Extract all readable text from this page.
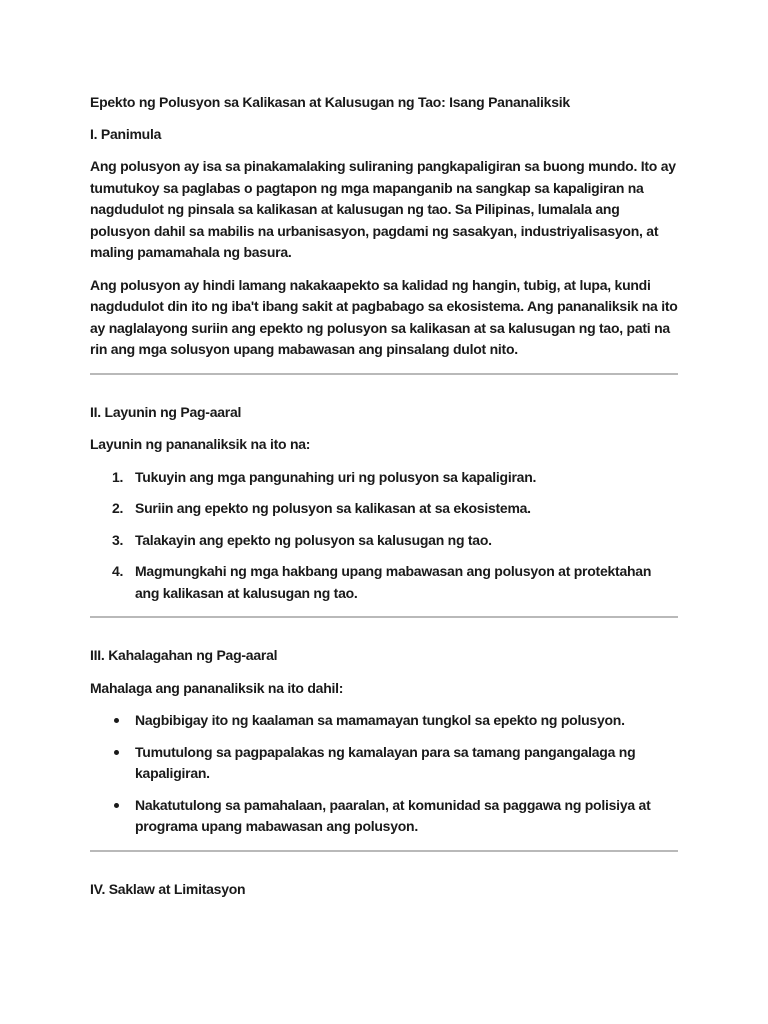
Epekto ng Polusyon sa Kalikasan at Kalusugan ng Tao: Isang Pananaliksik

I. Panimula

Ang polusyon ay isa sa pinakamalaking suliraning pangkapaligiran sa buong mundo. Ito ay tumutukoy sa paglabas o pagtapon ng mga mapanganib na sangkap sa kapaligiran na nagdudulot ng pinsala sa kalikasan at kalusugan ng tao. Sa Pilipinas, lumalala ang polusyon dahil sa mabilis na urbanisasyon, pagdami ng sasakyan, industriyalisasyon, at maling pamamahala ng basura.

Ang polusyon ay hindi lamang nakakaapekto sa kalidad ng hangin, tubig, at lupa, kundi nagdudulot din ito ng iba't ibang sakit at pagbabago sa ekosistema. Ang pananaliksik na ito ay naglalayong suriin ang epekto ng polusyon sa kalikasan at sa kalusugan ng tao, pati na rin ang mga solusyon upang mabawasan ang pinsalang dulot nito.

II. Layunin ng Pag-aaral

Layunin ng pananaliksik na ito na:

1. Tukuyin ang mga pangunahing uri ng polusyon sa kapaligiran.
2. Suriin ang epekto ng polusyon sa kalikasan at sa ekosistema.
3. Talakayin ang epekto ng polusyon sa kalusugan ng tao.
4. Magmungkahi ng mga hakbang upang mabawasan ang polusyon at protektahan ang kalikasan at kalusugan ng tao.

III. Kahalagahan ng Pag-aaral

Mahalaga ang pananaliksik na ito dahil:

Nagbibigay ito ng kaalaman sa mamamayan tungkol sa epekto ng polusyon.
Tumutulong sa pagpapalakas ng kamalayan para sa tamang pangangalaga ng kapaligiran.
Nakatutulong sa pamahalaan, paaralan, at komunidad sa paggawa ng polisiya at programa upang mabawasan ang polusyon.

IV. Saklaw at Limitasyon
